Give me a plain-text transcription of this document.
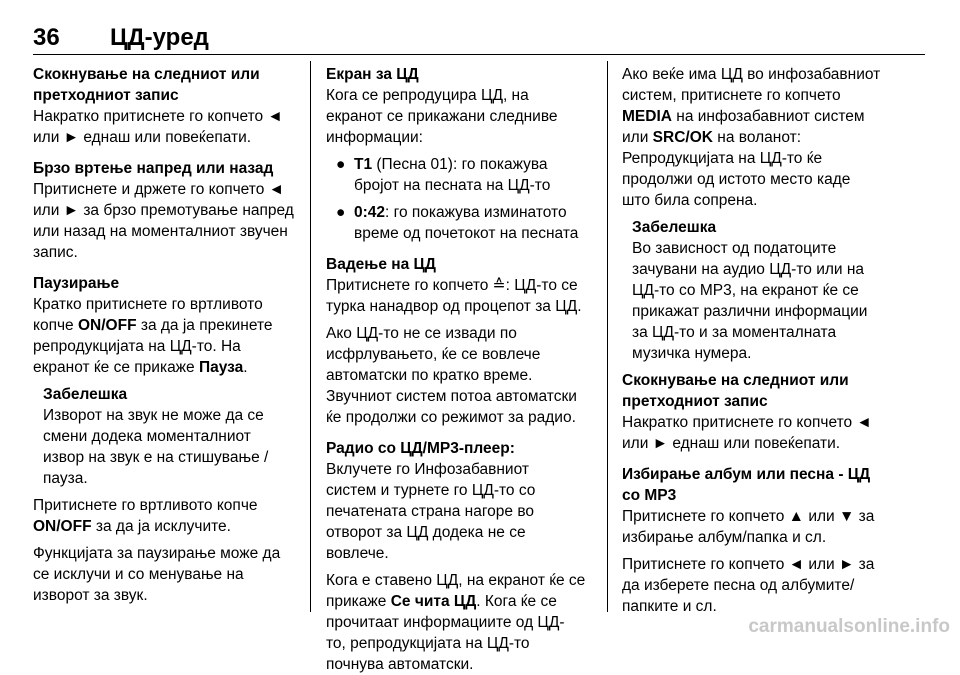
36 ЦД-уред

Скокнување на следниот или

претходниот запис

Накратко притиснете го копчето ◄

или ► еднаш или повеќепати.

Брзо вртење напред или назад

Притиснете и држете го копчето ◄

или ► за брзо премотување напред

или назад на моменталниот звучен

запис.

Паузирање

Кратко притиснете го вртливото

копче ON/OFF за да ја прекинете

репродукцијата на ЦД-то. На

екранот ќе се прикаже Пауза.

Забелешка

Изворот на звук не може да се

смени додека моменталниот

извор на звук е на стишување /

пауза.

Притиснете го вртливото копче

ON/OFF за да ја исклучите.

Функцијата за паузирање може да

се исклучи и со менување на

изворот за звук.

Екран за ЦД

Кога се репродуцира ЦД, на

екранот се прикажани следниве

информации:

● T1 (Песна 01): го покажува

бројот на песната на ЦД-то

● 0:42: го покажува изминатото

време од почетокот на песната

Вадење на ЦД

Притиснете го копчето ≙: ЦД-то се

турка нанадвор од процепот за ЦД.

Ако ЦД-то не се извади по

исфрлувањето, ќе се вовлече

автоматски по кратко време.

Звучниот систем потоа автоматски

ќе продолжи со режимот за радио.

Радио со ЦД/MP3-плеер:

Вклучете го Инфозабавниот

систем и турнете го ЦД-то со

печатената страна нагоре во

отворот за ЦД додека не се

вовлече.

Кога е ставено ЦД, на екранот ќе се

прикаже Се чита ЦД. Кога ќе се

прочитаат информациите од ЦД-

то, репродукцијата на ЦД-то

почнува автоматски.

Ако веќе има ЦД во инфозабавниот

систем, притиснете го копчето

MEDIA на инфозабавниот систем

или SRC/OK на воланот:

Репродукцијата на ЦД-то ќе

продолжи од истото место каде

што била сопрена.

Забелешка

Во зависност од податоците

зачувани на аудио ЦД-то или на

ЦД-то со MP3, на екранот ќе се

прикажат различни информации

за ЦД-то и за моменталната

музичка нумера.

Скокнување на следниот или

претходниот запис

Накратко притиснете го копчето ◄

или ► еднаш или повеќепати.

Избирање албум или песна - ЦД

со MP3

Притиснете го копчето ▲ или ▼ за

избирање албум/папка и сл.

Притиснете го копчето ◄ или ► за

да изберете песна од албумите/

папките и сл.

carmanualsonline.info
